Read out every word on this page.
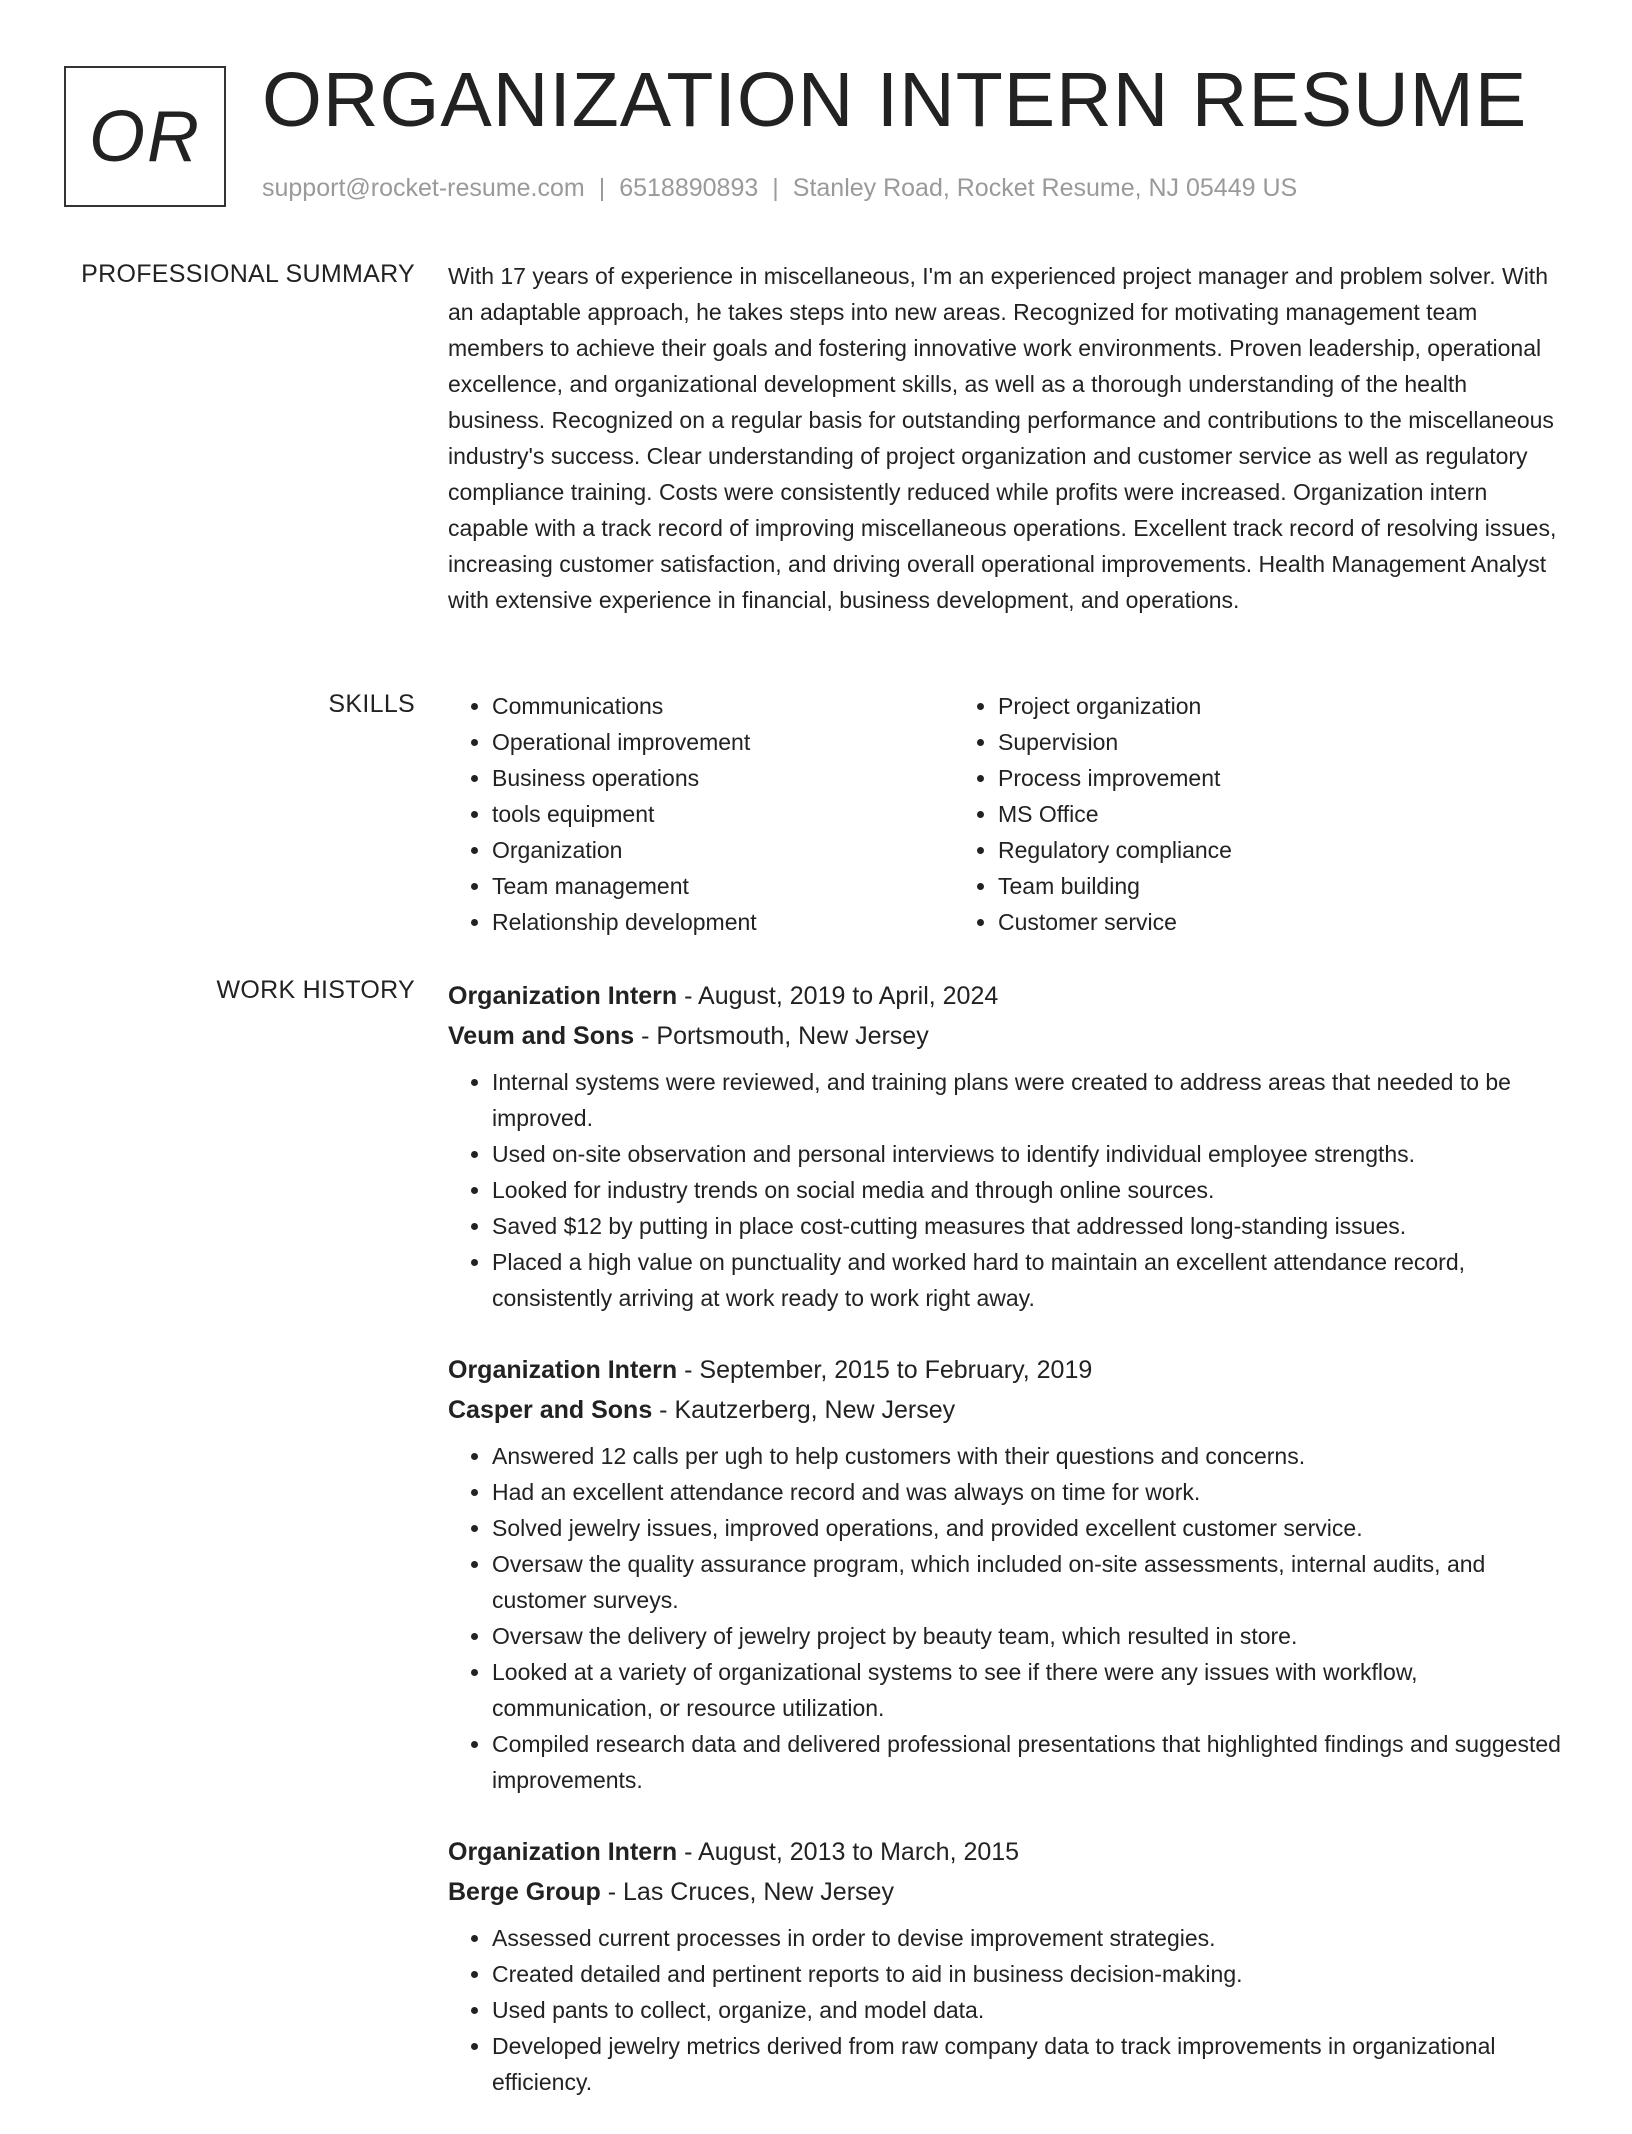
OR ORGANIZATION INTERN RESUME
support@rocket-resume.com | 6518890893 | Stanley Road, Rocket Resume, NJ 05449 US
PROFESSIONAL SUMMARY With 17 years of experience in miscellaneous, I'm an experienced project manager and problem solver. With an adaptable approach, he takes steps into new areas. Recognized for motivating management team members to achieve their goals and fostering innovative work environments. Proven leadership, operational excellence, and organizational development skills, as well as a thorough understanding of the health business. Recognized on a regular basis for outstanding performance and contributions to the miscellaneous industry's success. Clear understanding of project organization and customer service as well as regulatory compliance training. Costs were consistently reduced while profits were increased. Organization intern capable with a track record of improving miscellaneous operations. Excellent track record of resolving issues, increasing customer satisfaction, and driving overall operational improvements. Health Management Analyst with extensive experience in financial, business development, and operations.

SKILLS
•	Communications
• Operational improvement
• Business operations
• tools equipment
• Organization
• Team management
• Relationship development
• Project organization
• Supervision
• Process improvement
• MS Office
• Regulatory compliance
• Team building
• Customer service
WORK HISTORY Organization Intern - August, 2019 to April, 2024
Veum and Sons - Portsmouth, New Jersey
• Internal systems were reviewed, and training plans were created to address areas that needed to be improved.
• Used on-site observation and personal interviews to identify individual employee strengths.
• Looked for industry trends on social media and through online sources.
• Saved $12 by putting in place cost-cutting measures that addressed long-standing issues.
• Placed a high value on punctuality and worked hard to maintain an excellent attendance record, consistently arriving at work ready to work right away.
Organization Intern - September, 2015 to February, 2019
Casper and Sons - Kautzerberg, New Jersey
• Answered 12 calls per ugh to help customers with their questions and concerns.
• Had an excellent attendance record and was always on time for work.
• Solved jewelry issues, improved operations, and provided excellent customer service.
• Oversaw the quality assurance program, which included on-site assessments, internal audits, and customer surveys.
• Oversaw the delivery of jewelry project by beauty team, which resulted in store.
• Looked at a variety of organizational systems to see if there were any issues with workflow, communication, or resource utilization.
• Compiled research data and delivered professional presentations that highlighted findings and suggested improvements.
Organization Intern - August, 2013 to March, 2015
Berge Group - Las Cruces, New Jersey
• Assessed current processes in order to devise improvement strategies.
• Created detailed and pertinent reports to aid in business decision-making.
• Used pants to collect, organize, and model data.
• Developed jewelry metrics derived from raw company data to track improvements in organizational efficiency.
